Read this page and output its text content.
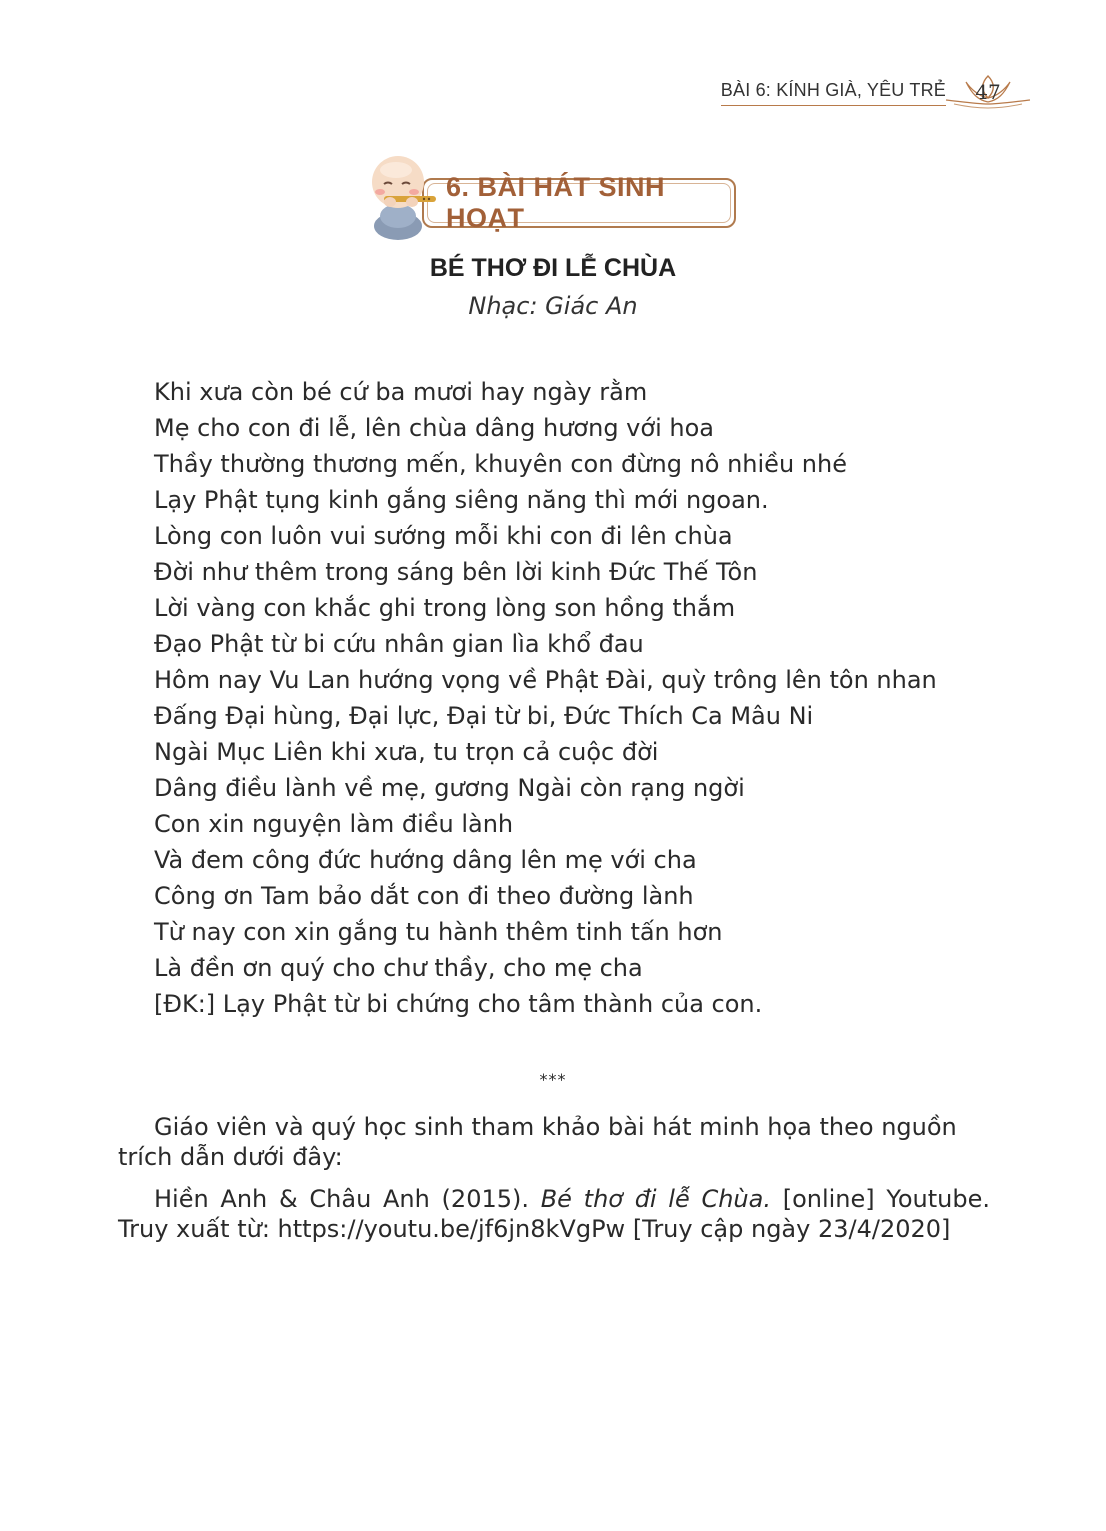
BÀI 6: KÍNH GIÀ, YÊU TRẺ	47
6. BÀI HÁT SINH HOẠT
BÉ THƠ ĐI LỄ CHÙA
Nhạc: Giác An
Khi xưa còn bé cứ ba mươi hay ngày rằm
Mẹ cho con đi lễ, lên chùa dâng hương với hoa
Thầy thường thương mến, khuyên con đừng nô nhiều nhé
Lạy Phật tụng kinh gắng siêng năng thì mới ngoan.
Lòng con luôn vui sướng mỗi khi con đi lên chùa
Đời như thêm trong sáng bên lời kinh Đức Thế Tôn
Lời vàng con khắc ghi trong lòng son hồng thắm
Đạo Phật từ bi cứu nhân gian lìa khổ đau
Hôm nay Vu Lan hướng vọng về Phật Đài, quỳ trông lên tôn nhan
Đấng Đại hùng, Đại lực, Đại từ bi, Đức Thích Ca Mâu Ni
Ngài Mục Liên khi xưa, tu trọn cả cuộc đời
Dâng điều lành về mẹ, gương Ngài còn rạng ngời
Con xin nguyện làm điều lành
Và đem công đức hướng dâng lên mẹ với cha
Công ơn Tam bảo dắt con đi theo đường lành
Từ nay con xin gắng tu hành thêm tinh tấn hơn
Là đền ơn quý cho chư thầy, cho mẹ cha
[ĐK:] Lạy Phật từ bi chứng cho tâm thành của con.
***

Giáo viên và quý học sinh tham khảo bài hát minh họa theo nguồn trích dẫn dưới đây:

Hiền Anh & Châu Anh (2015). Bé thơ đi lễ Chùa. [online] Youtube. Truy xuất từ: https://youtu.be/jf6jn8kVgPw [Truy cập ngày 23/4/2020]
